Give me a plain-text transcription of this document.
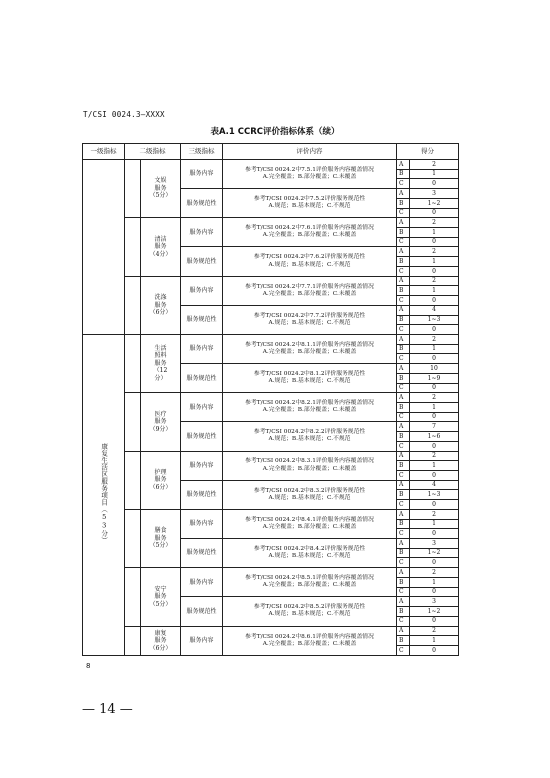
T/CSI 0024.3—XXXX
表A.1 CCRC评价指标体系（续）
一级指标	二级指标		三级指标	评价内容	得分	
		文娱
服务
（5分）	服务内容	参考T/CSI 0024.2中7.5.1评价服务内容覆盖情况
A.完全覆盖；B.部分覆盖；C.未覆盖	A	2
					B	1
					C	0
			服务规范性	参考T/CSI 0024.2中7.5.2评价服务规范性
A.规范；B.基本规范；C.不规范	A	3
					B	1~2
					C	0
		清洁
服务
（4分）	服务内容	参考T/CSI 0024.2中7.6.1评价服务内容覆盖情况
A.完全覆盖；B.部分覆盖；C.未覆盖	A	2
					B	1
					C	0
			服务规范性	参考T/CSI 0024.2中7.6.2评价服务规范性
A.规范；B.基本规范；C.不规范	A	2
					B	1
					C	0
		洗涤
服务
（6分）	服务内容	参考T/CSI 0024.2中7.7.1评价服务内容覆盖情况
A.完全覆盖；B.部分覆盖；C.未覆盖	A	2
					B	1
					C	0
			服务规范性	参考T/CSI 0024.2中7.7.2评价服务规范性
A.规范；B.基本规范；C.不规范	A	4
					B	1~3
					C	0
康复生活区服务项目（53分）		生活
照料
服务
（12
分）	服务内容	参考T/CSI 0024.2中8.1.1评价服务内容覆盖情况
A.完全覆盖；B.部分覆盖；C.未覆盖	A	2
					B	1
					C	0
			服务规范性	参考T/CSI 0024.2中8.1.2评价服务规范性
A.规范；B.基本规范；C.不规范	A	10
					B	1~9
					C	0
		医疗
服务
（9分）	服务内容	参考T/CSI 0024.2中8.2.1评价服务内容覆盖情况
A.完全覆盖；B.部分覆盖；C.未覆盖	A	2
					B	1
					C	0
			服务规范性	参考T/CSI 0024.2中8.2.2评价服务规范性
A.规范；B.基本规范；C.不规范	A	7
					B	1~6
					C	0
		护理
服务
（6分）	服务内容	参考T/CSI 0024.2中8.3.1评价服务内容覆盖情况
A.完全覆盖；B.部分覆盖；C.未覆盖	A	2
					B	1
					C	0
			服务规范性	参考T/CSI 0024.2中8.3.2评价服务规范性
A.规范；B.基本规范；C.不规范	A	4
					B	1~3
					C	0
		膳食
服务
（5分）	服务内容	参考T/CSI 0024.2中8.4.1评价服务内容覆盖情况
A.完全覆盖；B.部分覆盖；C.未覆盖	A	2
					B	1
					C	0
			服务规范性	参考T/CSI 0024.2中8.4.2评价服务规范性
A.规范；B.基本规范；C.不规范	A	3
					B	1~2
					C	0
		安宁
服务
（5分）	服务内容	参考T/CSI 0024.2中8.5.1评价服务内容覆盖情况
A.完全覆盖；B.部分覆盖；C.未覆盖	A	2
					B	1
					C	0
			服务规范性	参考T/CSI 0024.2中8.5.2评价服务规范性
A.规范；B.基本规范；C.不规范	A	3
					B	1~2
					C	0
		康复
服务
（6分）	服务内容	参考T/CSI 0024.2中8.6.1评价服务内容覆盖情况
A.完全覆盖；B.部分覆盖；C.未覆盖	A	2
					B	1
					C	0
8
— 14 —
